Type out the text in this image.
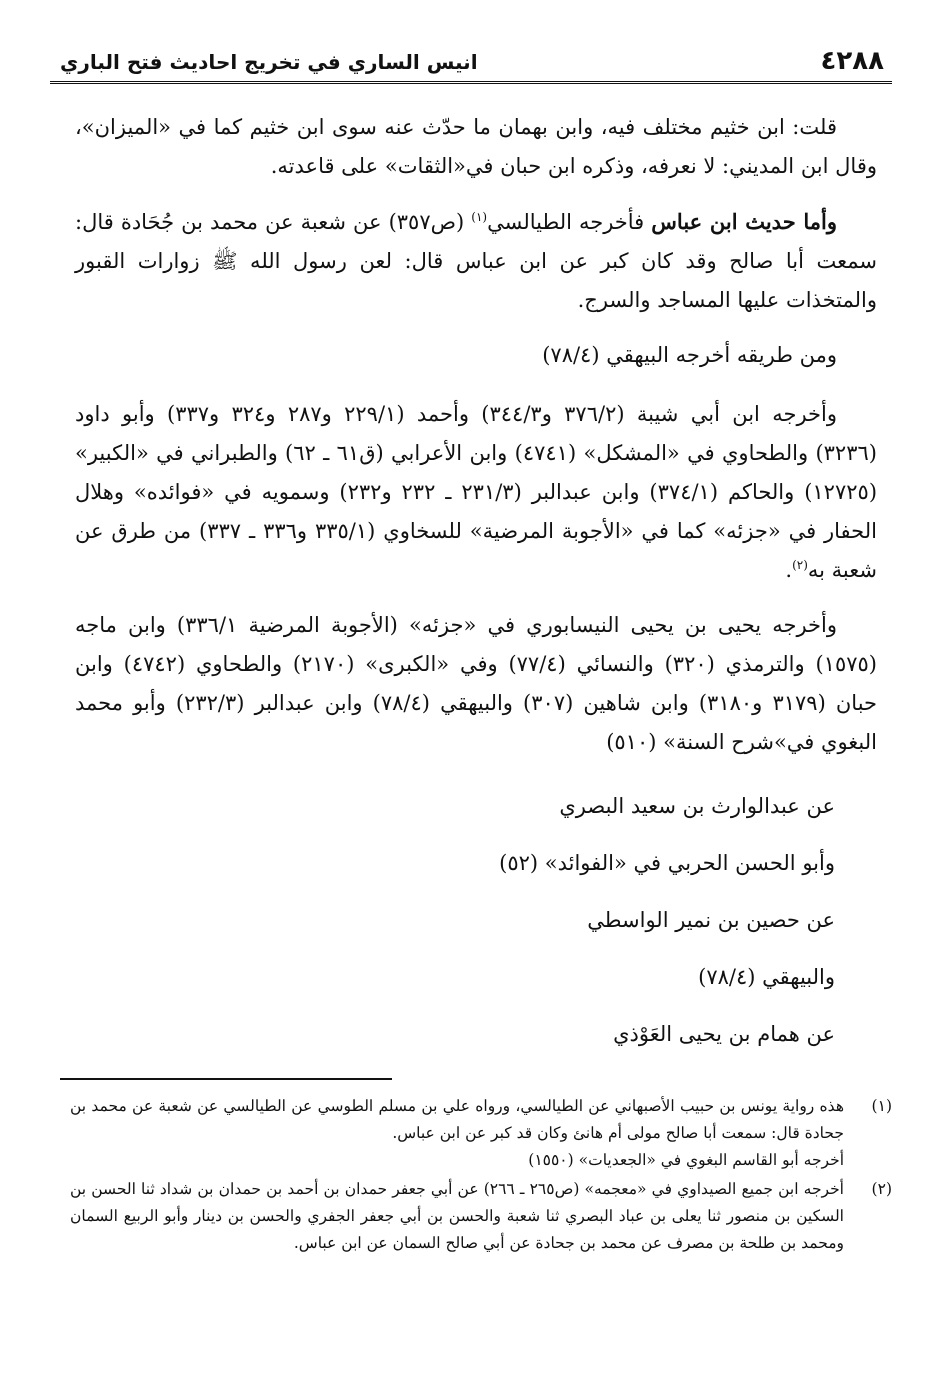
٤٢٨٨
انيس الساري في تخريج احاديث فتح الباري

قلت: ابن خثيم مختلف فيه، وابن بهمان ما حدّث عنه سوى ابن خثيم كما في «الميزان»، وقال ابن المديني: لا نعرفه، وذكره ابن حبان في«الثقات» على قاعدته.

وأما حديث ابن عباس فأخرجه الطيالسي$^{(١)}$ (ص٣٥٧) عن شعبة عن محمد بن جُحَادة قال: سمعت أبا صالح وقد كان كبر عن ابن عباس قال: لعن رسول الله ﷺ زوارات القبور والمتخذات عليها المساجد والسرج.

ومن طريقه أخرجه البيهقي (٧٨/٤)

وأخرجه ابن أبي شيبة (٣٧٦/٢ و٣٤٤/٣) وأحمد (٢٢٩/١ و٢٨٧ و٣٢٤ و٣٣٧) وأبو داود (٣٢٣٦) والطحاوي في «المشكل» (٤٧٤١) وابن الأعرابي (ق٦١ ـ ٦٢) والطبراني في «الكبير» (١٢٧٢٥) والحاكم (٣٧٤/١) وابن عبدالبر (٢٣١/٣ ـ ٢٣٢ و٢٣٢) وسمويه في «فوائده» وهلال الحفار في «جزئه» كما في «الأجوبة المرضية» للسخاوي (٣٣٥/١ و٣٣٦ ـ ٣٣٧) من طرق عن شعبة به$^{(٢)}$.

وأخرجه يحيى بن يحيى النيسابوري في «جزئه» (الأجوبة المرضية ٣٣٦/١) وابن ماجه (١٥٧٥) والترمذي (٣٢٠) والنسائي (٧٧/٤) وفي «الكبرى» (٢١٧٠) والطحاوي (٤٧٤٢) وابن حبان (٣١٧٩ و٣١٨٠) وابن شاهين (٣٠٧) والبيهقي (٧٨/٤) وابن عبدالبر (٢٣٢/٣) وأبو محمد البغوي في»شرح السنة» (٥١٠)

عن عبدالوارث بن سعيد البصري

وأبو الحسن الحربي في «الفوائد» (٥٢)

عن حصين بن نمير الواسطي

والبيهقي (٧٨/٤)

عن همام بن يحيى العَوْذي

(١)
هذه رواية يونس بن حبيب الأصبهاني عن الطيالسي، ورواه علي بن مسلم الطوسي عن الطيالسي عن شعبة عن محمد بن جحادة قال: سمعت أبا صالح مولى أم هانئ وكان قد كبر عن ابن عباس.
أخرجه أبو القاسم البغوي في «الجعديات» (١٥٥٠)
(٢)
أخرجه ابن جميع الصيداوي في «معجمه» (ص٢٦٥ ـ ٢٦٦) عن أبي جعفر حمدان بن أحمد بن حمدان بن شداد ثنا الحسن بن السكين بن منصور ثنا يعلى بن عباد البصري ثنا شعبة والحسن بن أبي جعفر الجفري والحسن بن دينار وأبو الربيع السمان ومحمد بن طلحة بن مصرف عن محمد بن جحادة عن أبي صالح السمان عن ابن عباس.
